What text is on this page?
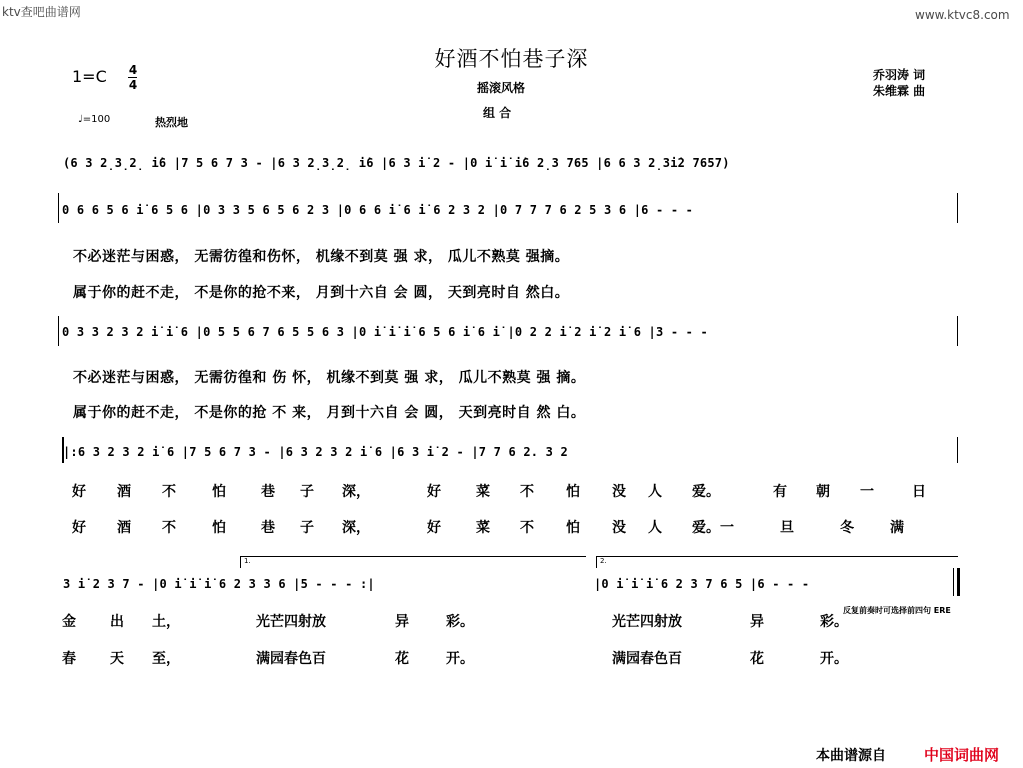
ktv查吧曲谱网	www.ktvc8.com
好酒不怕巷子深
摇滚风格
组 合
乔羽涛 词
朱维霖 曲
1=C 4
4
♩=100	热烈地
(6 3 2̣3̣2̣ i̇6 |7 5 6 7 3 - |6 3 2̣3̣2̣ i̇6 |6 3 i̇ 2 - |0 i̇ i̇ i̇6 2̣3 765 |6 6 3 2̣3i̇2 7657)
0 6 6 5 6 i̇ 6 5 6 |0 3 3 5 6 5 6 2 3 |0 6 6 i̇ 6 i̇ 6 2 3 2 |0 7 7 7 6 2 5 3 6 |6 - - -
不必迷茫与困惑， 无需彷徨和伤怀， 机缘不到莫 强 求， 瓜儿不熟莫 强摘。
属于你的赶不走， 不是你的抢不来， 月到十六自 会 圆， 天到亮时自 然白。
0 3 3 2 3 2 i̇ i̇ 6 |0 5 5 6 7 6 5 5 6 3 |0 i̇ i̇ i̇ 6 5 6 i̇ 6 i̇ |0 2 2 i̇ 2 i̇ 2 i̇ 6 |3 - - -
不必迷茫与困惑， 无需彷徨和 伤 怀， 机缘不到莫 强 求， 瓜儿不熟莫 强 摘。
属于你的赶不走， 不是你的抢 不 来， 月到十六自 会 圆， 天到亮时自 然 白。
|:6 3 2 3 2 i̇ 6 |7 5 6 7 3 - |6 3 2 3 2 i̇ 6 |6 3 i̇ 2 - |7 7 6 2. 3 2
好 酒 不	怕	巷 子 深，	好	菜 不 怕 没 人 爱。	有 朝 一	日
好 酒 不	怕	巷 子 深，	好	菜 不 怕 没 人 爱。一	旦	冬	满
1.	2.
3 i̇ 2 3 7 - |0 i̇ i̇ i̇ 6 2 3 3 6 |5 - - - :|	|0 i̇ i̇ i̇ 6 2 3 7 6 5 |6 - - -
金 出 土，	光芒四射放	异	彩。	光芒四射放	异	彩。
春 天 至，	满园春色百	花	开。	满园春色百	花	开。
反复前奏时可选择前四句 ERE
本曲谱源自	中国词曲网
